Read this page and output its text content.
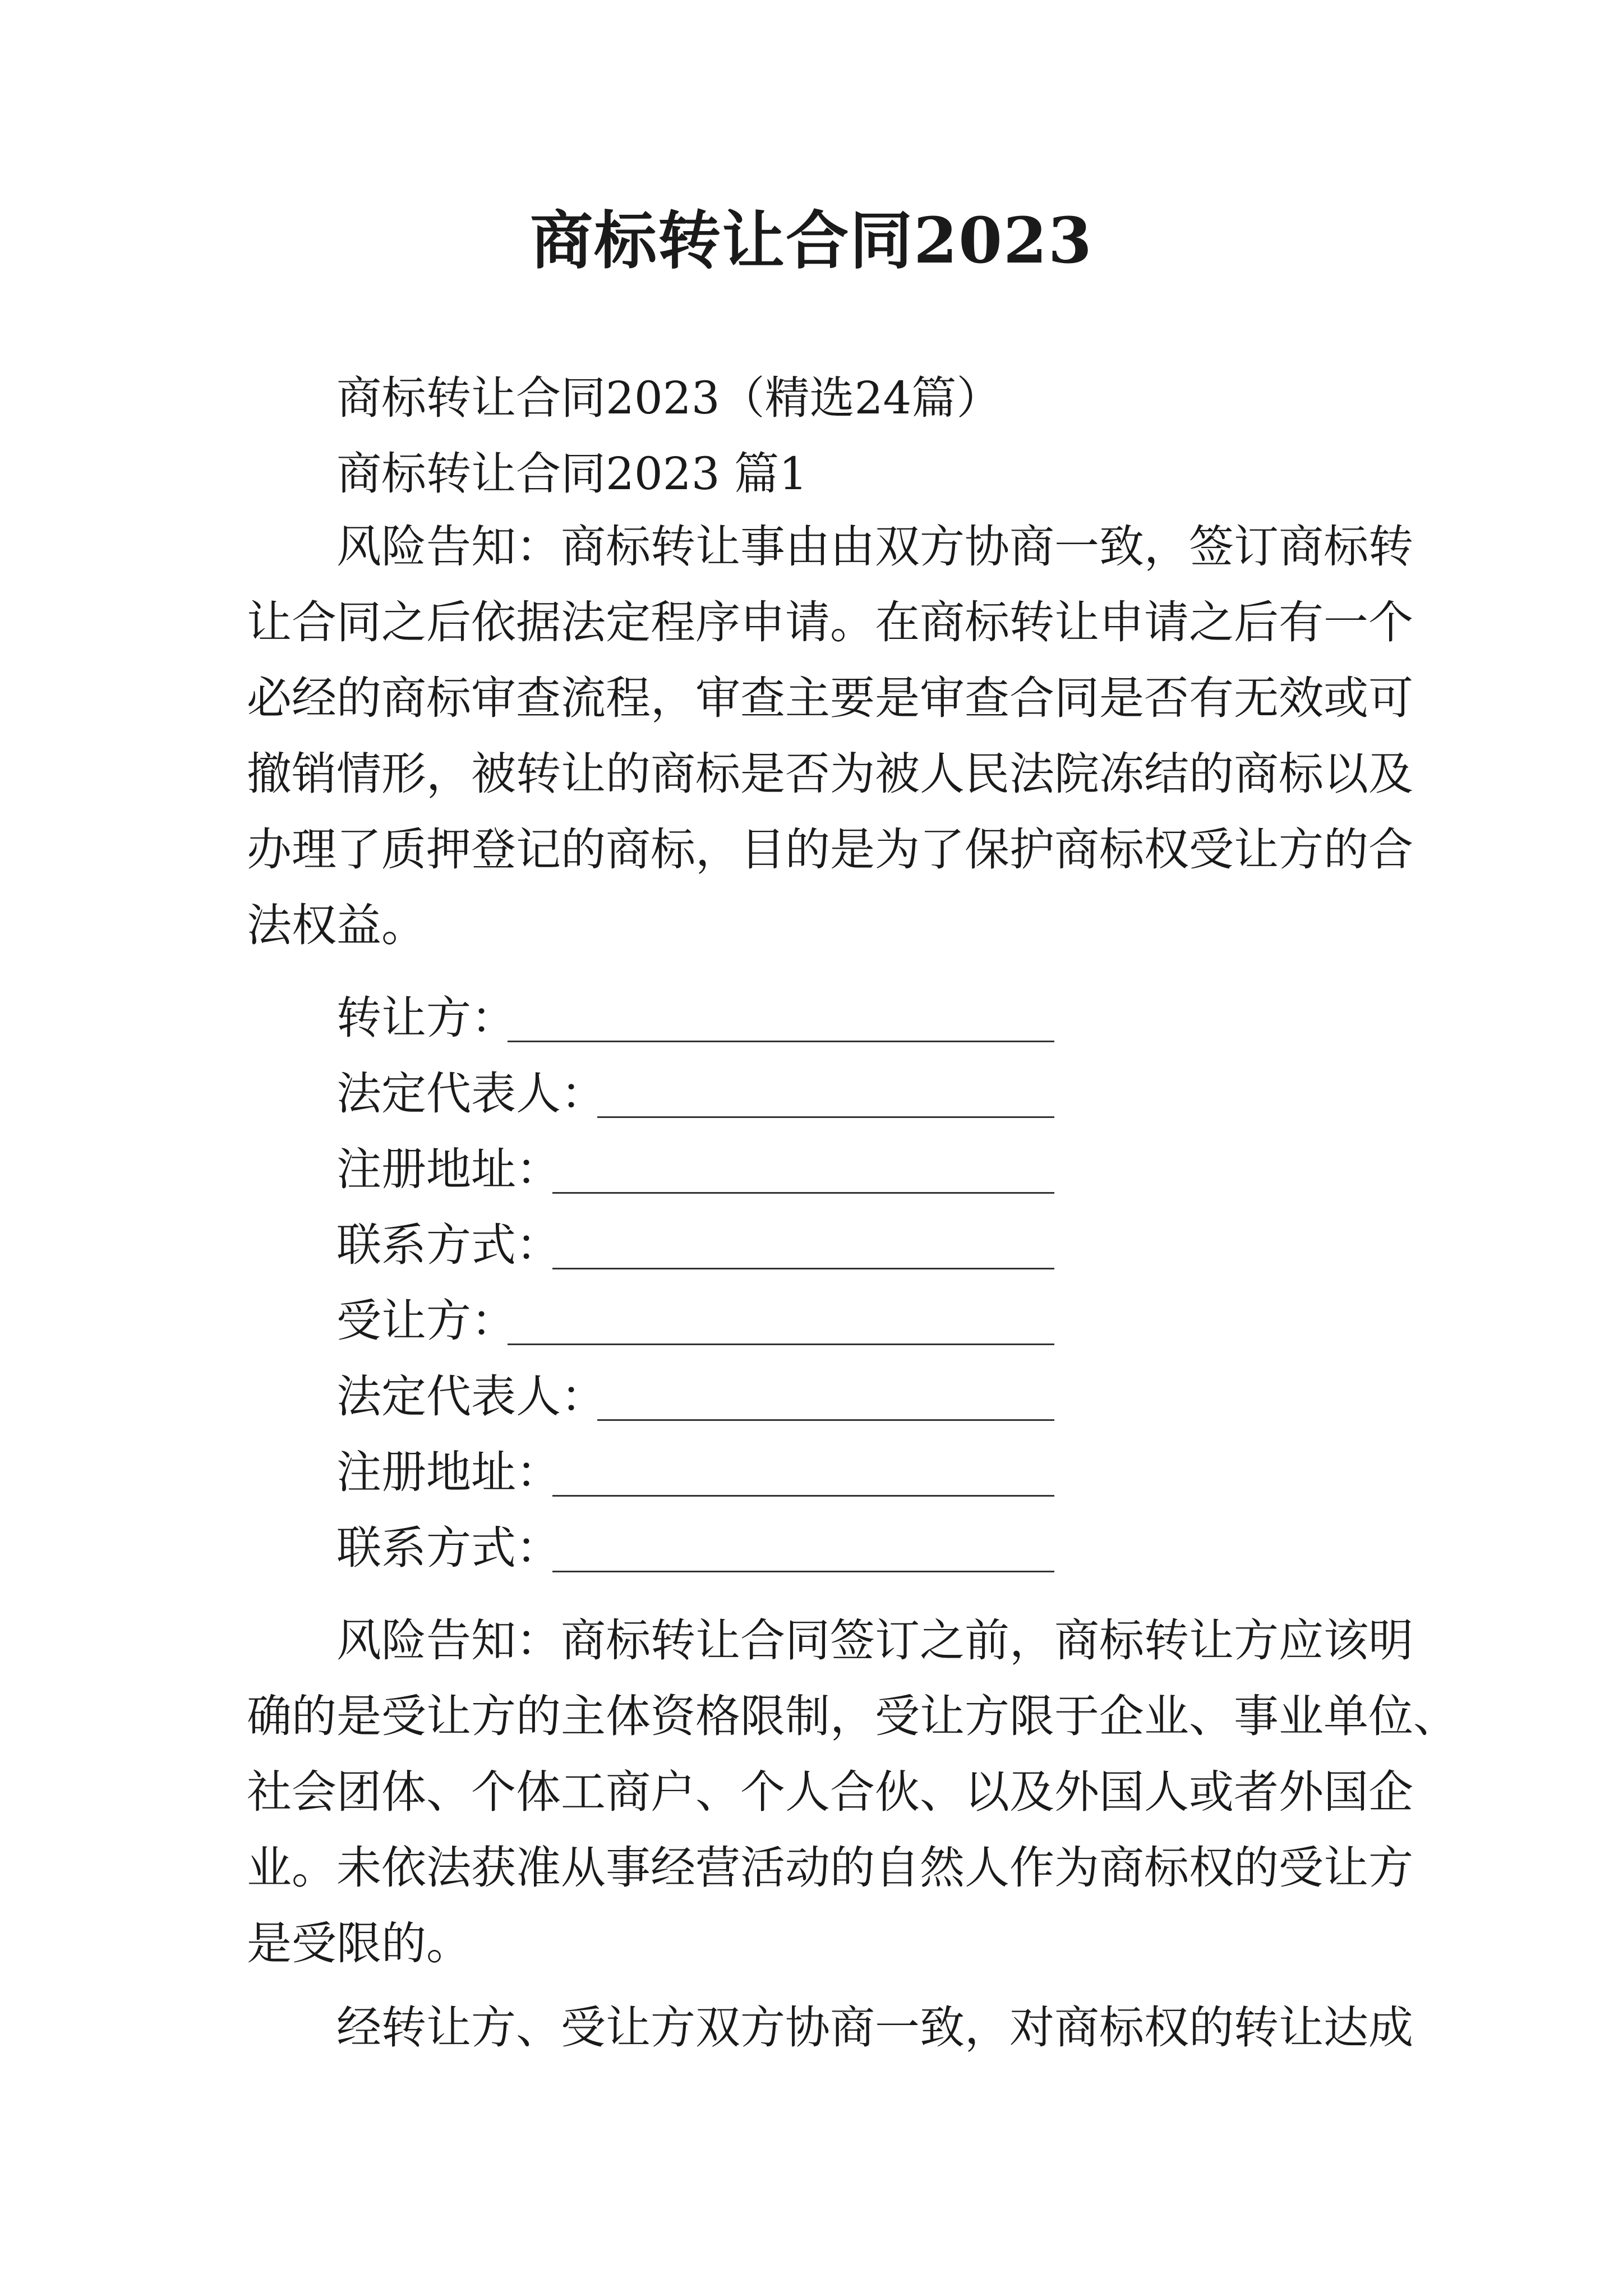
商标转让合同2023
商标转让合同2023（精选24篇）
商标转让合同2023 篇1
风险告知：商标转让事由由双方协商一致，签订商标转
让合同之后依据法定程序申请。在商标转让申请之后有一个
必经的商标审查流程，审查主要是审查合同是否有无效或可
撤销情形，被转让的商标是否为被人民法院冻结的商标以及
办理了质押登记的商标，目的是为了保护商标权受让方的合
法权益。
转让方：
法定代表人：
注册地址：
联系方式：
受让方：
法定代表人：
注册地址：
联系方式：
风险告知：商标转让合同签订之前，商标转让方应该明
确的是受让方的主体资格限制，受让方限于企业、事业单位、
社会团体、个体工商户、个人合伙、以及外国人或者外国企
业。未依法获准从事经营活动的自然人作为商标权的受让方
是受限的。
经转让方、受让方双方协商一致，对商标权的转让达成
